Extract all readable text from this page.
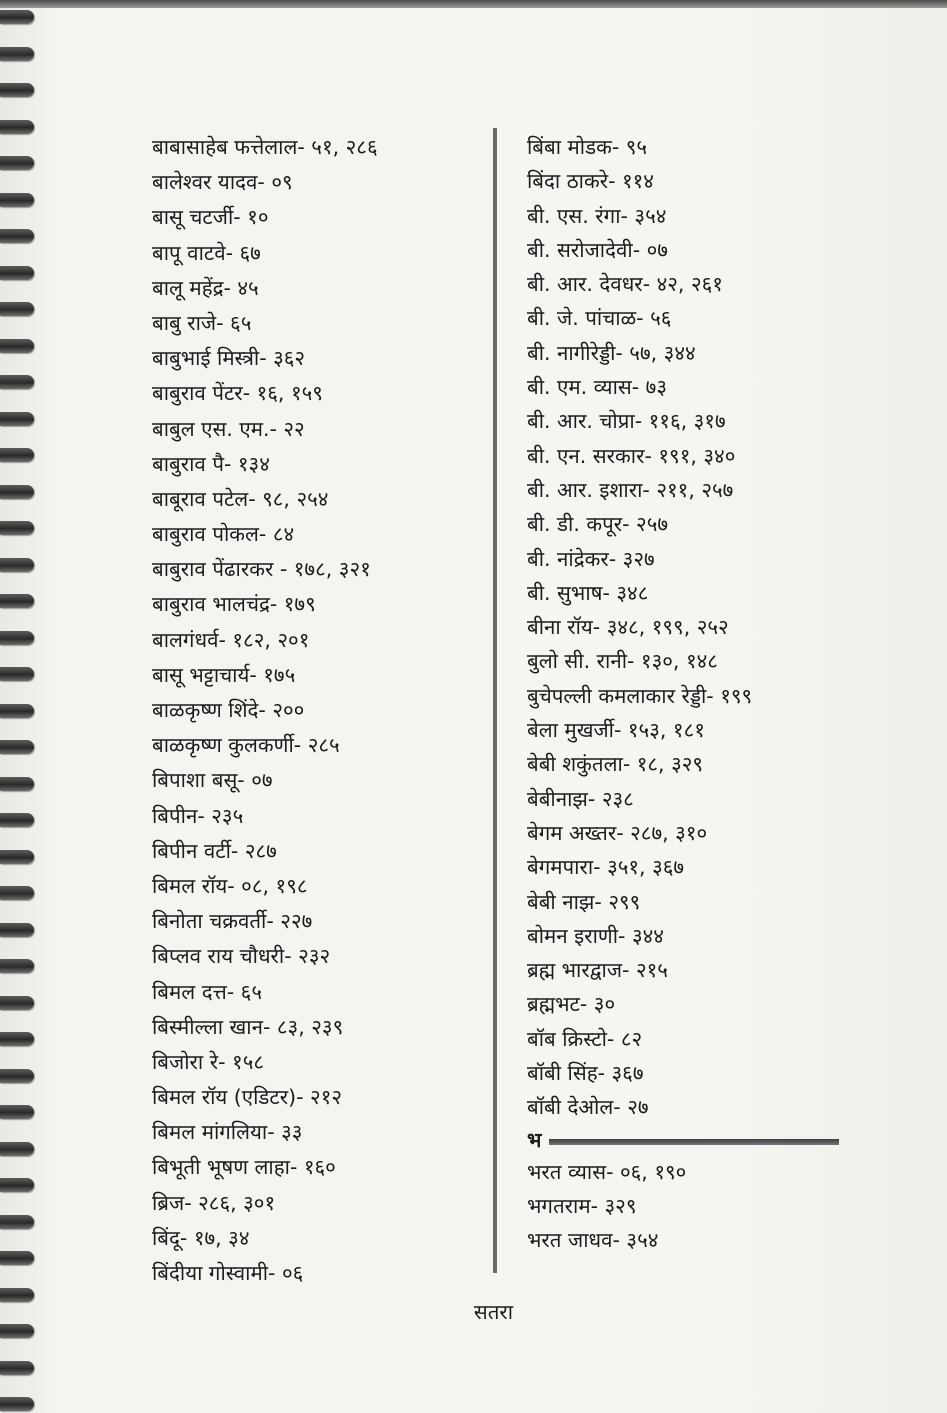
बाबासाहेब फत्तेलाल- ५१, २८६
बालेश्वर यादव- ०९
बासू चटर्जी- १०
बापू वाटवे- ६७
बालू महेंद्र- ४५
बाबु राजे- ६५
बाबुभाई मिस्त्री- ३६२
बाबुराव पेंटर- १६, १५९
बाबुल एस. एम.- २२
बाबुराव पै- १३४
बाबूराव पटेल- ९८, २५४
बाबुराव पोकल- ८४
बाबुराव पेंढारकर - १७८, ३२१
बाबुराव भालचंद्र- १७९
बालगंधर्व- १८२, २०१
बासू भट्टाचार्य- १७५
बाळकृष्ण शिंदे- २००
बाळकृष्ण कुलकर्णी- २८५
बिपाशा बसू- ०७
बिपीन- २३५
बिपीन वर्टी- २८७
बिमल रॉय- ०८, १९८
बिनोता चक्रवर्ती- २२७
बिप्लव राय चौधरी- २३२
बिमल दत्त- ६५
बिस्मील्ला खान- ८३, २३९
बिजोरा रे- १५८
बिमल रॉय (एडिटर)- २१२
बिमल मांगलिया- ३३
बिभूती भूषण लाहा- १६०
ब्रिज- २८६, ३०१
बिंदू- १७, ३४
बिंदीया गोस्वामी- ०६
बिंबा मोडक- ९५
बिंदा ठाकरे- ११४
बी. एस. रंगा- ३५४
बी. सरोजादेवी- ०७
बी. आर. देवधर- ४२, २६१
बी. जे. पांचाळ- ५६
बी. नागीरेड्डी- ५७, ३४४
बी. एम. व्यास- ७३
बी. आर. चोप्रा- ११६, ३१७
बी. एन. सरकार- १९१, ३४०
बी. आर. इशारा- २११, २५७
बी. डी. कपूर- २५७
बी. नांद्रेकर- ३२७
बी. सुभाष- ३४८
बीना रॉय- ३४८, १९९, २५२
बुलो सी. रानी- १३०, १४८
बुचेपल्ली कमलाकार रेड्डी- १९९
बेला मुखर्जी- १५३, १८१
बेबी शकुंतला- १८, ३२९
बेबीनाझ- २३८
बेगम अख्तर- २८७, ३१०
बेगमपारा- ३५१, ३६७
बेबी नाझ- २९९
बोमन इराणी- ३४४
ब्रह्म भारद्वाज- २१५
ब्रह्मभट- ३०
बॉब क्रिस्टो- ८२
बॉबी सिंह- ३६७
बॉबी देओल- २७
भ
भरत व्यास- ०६, १९०
भगतराम- ३२९
भरत जाधव- ३५४
सतरा
